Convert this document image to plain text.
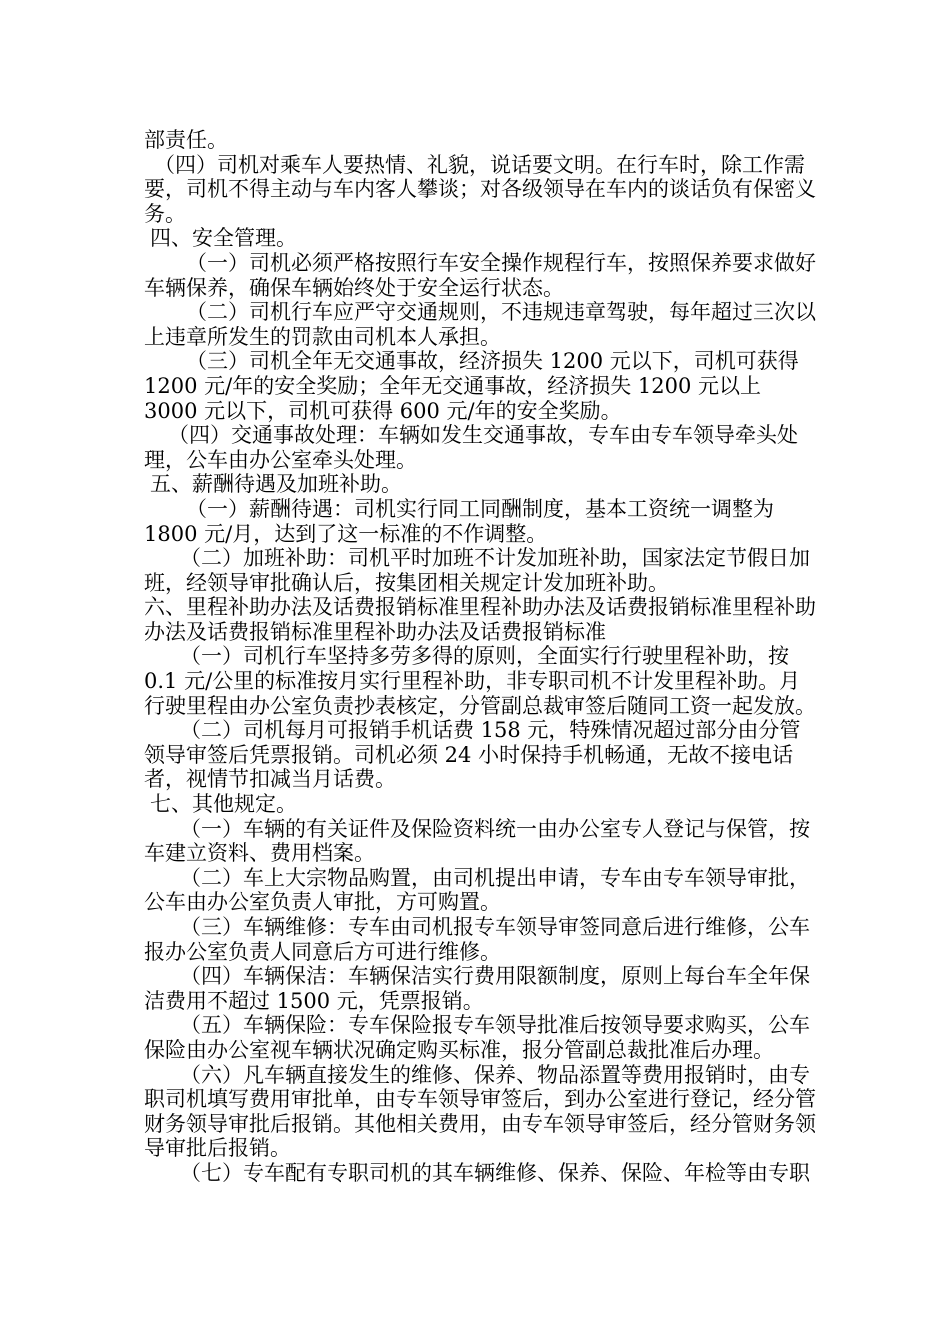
部责任。

（四）司机对乘车人要热情、礼貌，说话要文明。在行车时，除工作需要，司机不得主动与车内客人攀谈；对各级领导在车内的谈话负有保密义务。

四、安全管理。

（一）司机必须严格按照行车安全操作规程行车，按照保养要求做好车辆保养，确保车辆始终处于安全运行状态。

（二）司机行车应严守交通规则，不违规违章驾驶，每年超过三次以上违章所发生的罚款由司机本人承担。

（三）司机全年无交通事故，经济损失 1200 元以下，司机可获得 1200 元/年的安全奖励；全年无交通事故，经济损失 1200 元以上 3000 元以下，司机可获得 600 元/年的安全奖励。

（四）交通事故处理：车辆如发生交通事故，专车由专车领导牵头处理，公车由办公室牵头处理。

五、薪酬待遇及加班补助。

（一）薪酬待遇：司机实行同工同酬制度，基本工资统一调整为 1800 元/月，达到了这一标准的不作调整。

（二）加班补助：司机平时加班不计发加班补助，国家法定节假日加班，经领导审批确认后，按集团相关规定计发加班补助。

六、里程补助办法及话费报销标准里程补助办法及话费报销标准里程补助办法及话费报销标准里程补助办法及话费报销标准

（一）司机行车坚持多劳多得的原则，全面实行行驶里程补助，按 0.1 元/公里的标准按月实行里程补助，非专职司机不计发里程补助。月行驶里程由办公室负责抄表核定，分管副总裁审签后随同工资一起发放。

（二）司机每月可报销手机话费 158 元，特殊情况超过部分由分管领导审签后凭票报销。司机必须 24 小时保持手机畅通，无故不接电话者，视情节扣减当月话费。

七、其他规定。

（一）车辆的有关证件及保险资料统一由办公室专人登记与保管，按车建立资料、费用档案。

（二）车上大宗物品购置，由司机提出申请，专车由专车领导审批，公车由办公室负责人审批，方可购置。

（三）车辆维修：专车由司机报专车领导审签同意后进行维修，公车报办公室负责人同意后方可进行维修。

（四）车辆保洁：车辆保洁实行费用限额制度，原则上每台车全年保洁费用不超过 1500 元，凭票报销。

（五）车辆保险：专车保险报专车领导批准后按领导要求购买，公车保险由办公室视车辆状况确定购买标准，报分管副总裁批准后办理。

（六）凡车辆直接发生的维修、保养、物品添置等费用报销时，由专职司机填写费用审批单，由专车领导审签后，到办公室进行登记，经分管财务领导审批后报销。其他相关费用，由专车领导审签后，经分管财务领导审批后报销。

（七）专车配有专职司机的其车辆维修、保养、保险、年检等由专职
